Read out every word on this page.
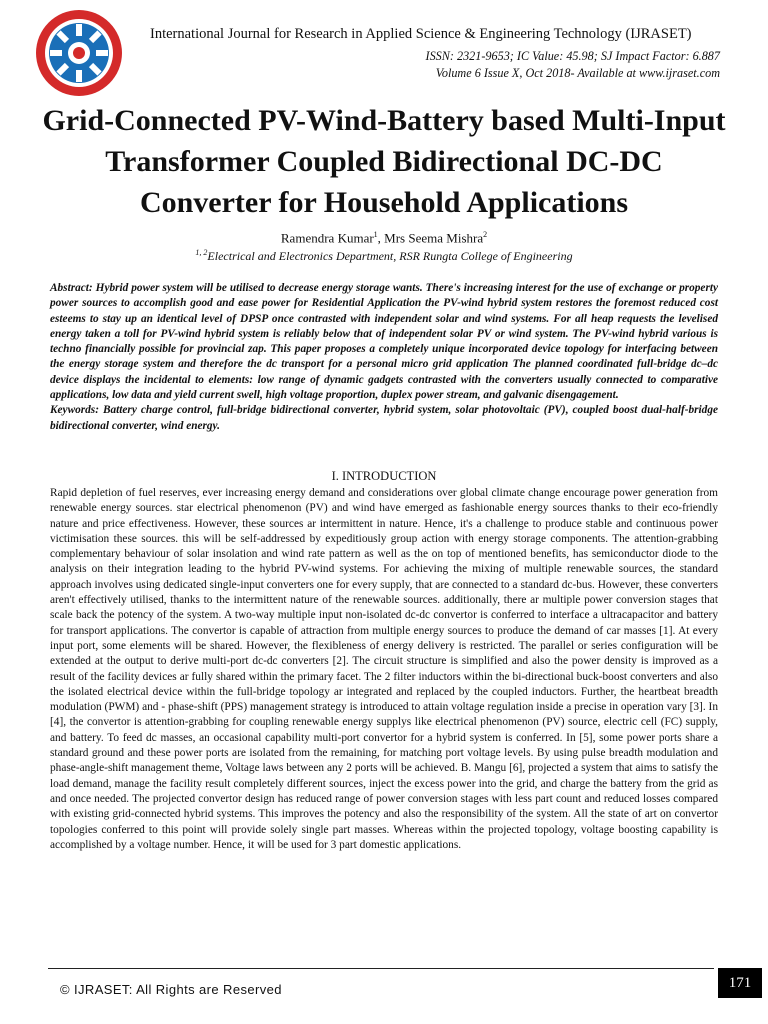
International Journal for Research in Applied Science & Engineering Technology (IJRASET)
ISSN: 2321-9653; IC Value: 45.98; SJ Impact Factor: 6.887
Volume 6 Issue X, Oct 2018- Available at www.ijraset.com
Grid-Connected PV-Wind-Battery based Multi-Input Transformer Coupled Bidirectional DC-DC Converter for Household Applications
Ramendra Kumar$^1$, Mrs Seema Mishra$^2$
$^{1, 2}$Electrical and Electronics Department, RSR Rungta College of Engineering
Abstract: Hybrid power system will be utilised to decrease energy storage wants. There's increasing interest for the use of exchange or property power sources to accomplish good and ease power for Residential Application the PV-wind hybrid system restores the foremost reduced cost esteems to stay up an identical level of DPSP once contrasted with independent solar and wind systems. For all heap requests the levelised energy taken a toll for PV-wind hybrid system is reliably below that of independent solar PV or wind system. The PV-wind hybrid various is techno financially possible for provincial zap. This paper proposes a completely unique incorporated device topology for interfacing between the energy storage system and therefore the dc transport for a personal micro grid application The planned coordinated full-bridge dc–dc device displays the incidental to elements: low range of dynamic gadgets contrasted with the converters usually connected to comparative applications, low data and yield current swell, high voltage proportion, duplex power stream, and galvanic disengagement.
Keywords: Battery charge control, full-bridge bidirectional converter, hybrid system, solar photovoltaic (PV), coupled boost dual-half-bridge bidirectional converter, wind energy.
I. INTRODUCTION
Rapid depletion of fuel reserves, ever increasing energy demand and considerations over global climate change encourage power generation from renewable energy sources. star electrical phenomenon (PV) and wind have emerged as fashionable energy sources thanks to their eco-friendly nature and price effectiveness. However, these sources ar intermittent in nature. Hence, it's a challenge to produce stable and continuous power victimisation these sources. this will be self-addressed by expeditiously group action with energy storage components. The attention-grabbing complementary behaviour of solar insolation and wind rate pattern as well as the on top of mentioned benefits, has semiconductor diode to the analysis on their integration leading to the hybrid PV-wind systems. For achieving the mixing of multiple renewable sources, the standard approach involves using dedicated single-input converters one for every supply, that are connected to a standard dc-bus. However, these converters aren't effectively utilised, thanks to the intermittent nature of the renewable sources. additionally, there ar multiple power conversion stages that scale back the potency of the system. A two-way multiple input non-isolated dc-dc convertor is conferred to interface a ultracapacitor and battery for transport applications. The convertor is capable of attraction from multiple energy sources to produce the demand of car masses [1]. At every input port, some elements will be shared. However, the flexibleness of energy delivery is restricted. The parallel or series configuration will be extended at the output to derive multi-port dc-dc converters [2]. The circuit structure is simplified and also the power density is improved as a result of the facility devices ar fully shared within the primary facet. The 2 filter inductors within the bi-directional buck-boost converters and also the isolated electrical device within the full-bridge topology ar integrated and replaced by the coupled inductors. Further, the heartbeat breadth modulation (PWM) and - phase-shift (PPS) management strategy is introduced to attain voltage regulation inside a precise in operation vary [3]. In [4], the convertor is attention-grabbing for coupling renewable energy supplys like electrical phenomenon (PV) source, electric cell (FC) supply, and battery. To feed dc masses, an occasional capability multi-port convertor for a hybrid system is conferred. In [5], some power ports share a standard ground and these power ports are isolated from the remaining, for matching port voltage levels. By using pulse breadth modulation and phase-angle-shift management theme, Voltage laws between any 2 ports will be achieved. B. Mangu [6], projected a system that aims to satisfy the load demand, manage the facility result completely different sources, inject the excess power into the grid, and charge the battery from the grid as and once needed. The projected convertor design has reduced range of power conversion stages with less part count and reduced losses compared with existing grid-connected hybrid systems. This improves the potency and also the responsibility of the system. All the state of art on convertor topologies conferred to this point will provide solely single part masses. Whereas within the projected topology, voltage boosting capability is accomplished by a voltage number. Hence, it will be used for 3 part domestic applications.
© IJRASET: All Rights are Reserved	171
